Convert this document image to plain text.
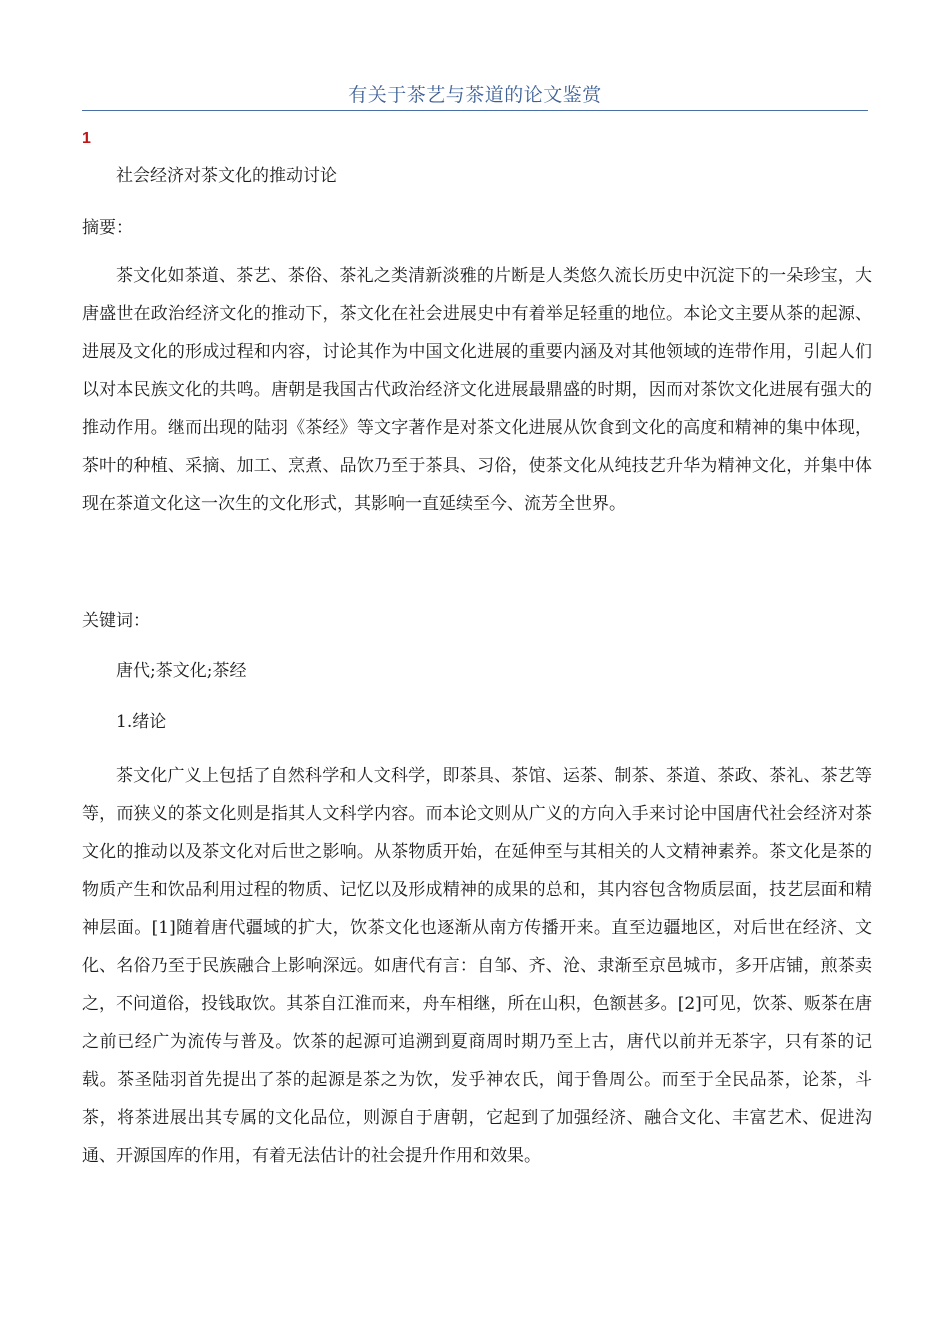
有关于茶艺与茶道的论文鉴赏
1

社会经济对茶文化的推动讨论

摘要：

茶文化如茶道、茶艺、茶俗、茶礼之类清新淡雅的片断是人类悠久流长历史中沉淀下的一朵珍宝，大唐盛世在政治经济文化的推动下，茶文化在社会进展史中有着举足轻重的地位。本论文主要从茶的起源、进展及文化的形成过程和内容，讨论其作为中国文化进展的重要内涵及对其他领域的连带作用，引起人们以对本民族文化的共鸣。唐朝是我国古代政治经济文化进展最鼎盛的时期，因而对茶饮文化进展有强大的推动作用。继而出现的陆羽《茶经》等文字著作是对茶文化进展从饮食到文化的高度和精神的集中体现，茶叶的种植、采摘、加工、烹煮、品饮乃至于茶具、习俗，使茶文化从纯技艺升华为精神文化，并集中体现在茶道文化这一次生的文化形式，其影响一直延续至今、流芳全世界。

关键词：

唐代;茶文化;茶经

1.绪论

茶文化广义上包括了自然科学和人文科学，即茶具、茶馆、运茶、制茶、茶道、茶政、茶礼、茶艺等等，而狭义的茶文化则是指其人文科学内容。而本论文则从广义的方向入手来讨论中国唐代社会经济对茶文化的推动以及茶文化对后世之影响。从茶物质开始，在延伸至与其相关的人文精神素养。茶文化是茶的物质产生和饮品利用过程的物质、记忆以及形成精神的成果的总和，其内容包含物质层面，技艺层面和精神层面。[1]随着唐代疆域的扩大，饮茶文化也逐渐从南方传播开来。直至边疆地区，对后世在经济、文化、名俗乃至于民族融合上影响深远。如唐代有言：自邹、齐、沧、隶渐至京邑城市，多开店铺，煎茶卖之，不问道俗，投钱取饮。其茶自江淮而来，舟车相继，所在山积，色额甚多。[2]可见，饮茶、贩茶在唐之前已经广为流传与普及。饮茶的起源可追溯到夏商周时期乃至上古，唐代以前并无茶字，只有茶的记载。茶圣陆羽首先提出了茶的起源是茶之为饮，发乎神农氏，闻于鲁周公。而至于全民品茶，论茶，斗茶，将茶进展出其专属的文化品位，则源自于唐朝，它起到了加强经济、融合文化、丰富艺术、促进沟通、开源国库的作用，有着无法估计的社会提升作用和效果。
